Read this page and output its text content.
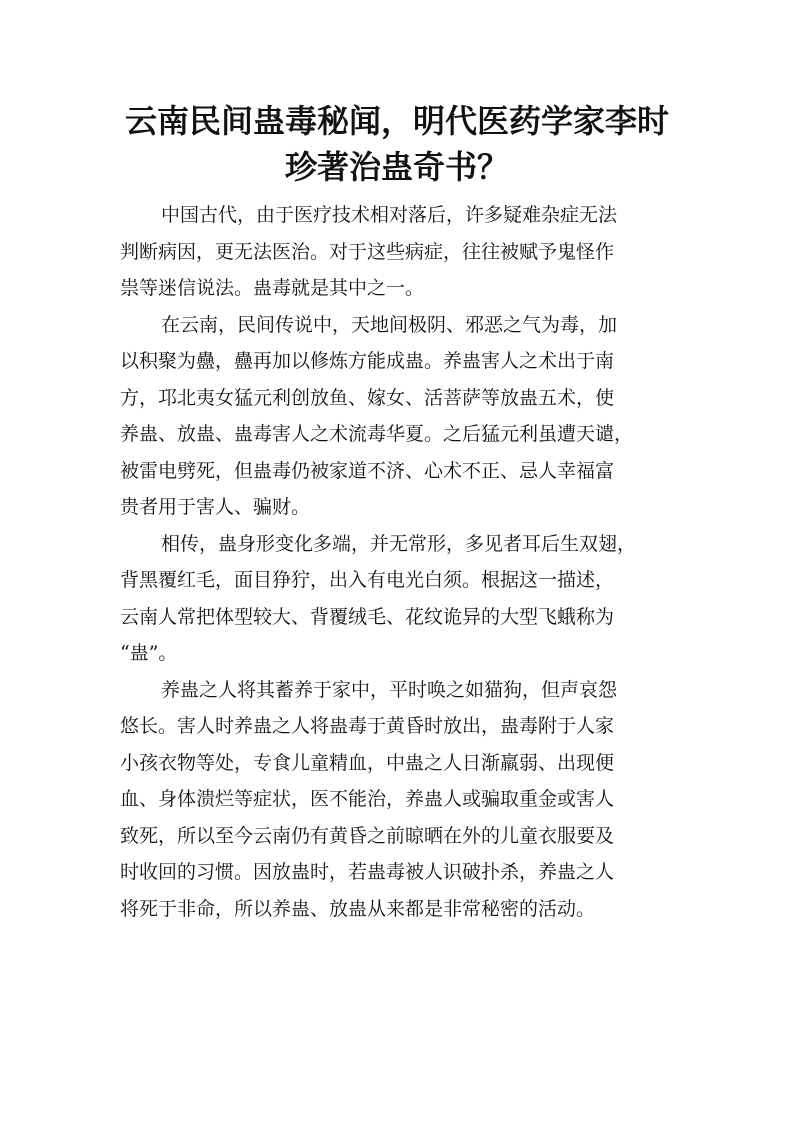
云南民间蛊毒秘闻，明代医药学家李时
珍著治蛊奇书？

中国古代，由于医疗技术相对落后，许多疑难杂症无法
判断病因，更无法医治。对于这些病症，往往被赋予鬼怪作
祟等迷信说法。蛊毒就是其中之一。

在云南，民间传说中，天地间极阴、邪恶之气为毒，加
以积聚为蠱，蠱再加以修炼方能成蛊。养蛊害人之术出于南
方，邛北夷女猛元利创放鱼、嫁女、活菩萨等放蛊五术，使
养蛊、放蛊、蛊毒害人之术流毒华夏。之后猛元利虽遭天谴，
被雷电劈死，但蛊毒仍被家道不济、心术不正、忌人幸福富
贵者用于害人、骗财。

相传，蛊身形变化多端，并无常形，多见者耳后生双翅，
背黑覆红毛，面目狰狞，出入有电光白须。根据这一描述，
云南人常把体型较大、背覆绒毛、花纹诡异的大型飞蛾称为
“蛊”。

养蛊之人将其蓄养于家中，平时唤之如猫狗，但声哀怨
悠长。害人时养蛊之人将蛊毒于黄昏时放出，蛊毒附于人家
小孩衣物等处，专食儿童精血，中蛊之人日渐羸弱、出现便
血、身体溃烂等症状，医不能治，养蛊人或骗取重金或害人
致死，所以至今云南仍有黄昏之前晾晒在外的儿童衣服要及
时收回的习惯。因放蛊时，若蛊毒被人识破扑杀，养蛊之人
将死于非命，所以养蛊、放蛊从来都是非常秘密的活动。
